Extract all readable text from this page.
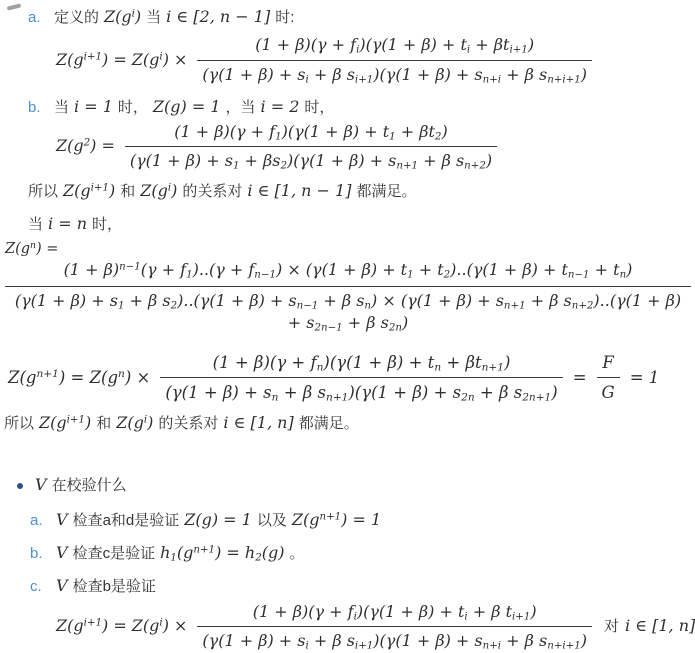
a. 定义的 $Z(g^i)$ 当 i ∈ [2, n − 1] 时:
$Z(g^{i+1}) = Z(g^i) \times \frac{(1 + \beta)(\gamma + f_i)(\gamma(1 + \beta) + t_i + \beta t_{i+1})}{(\gamma(1 + \beta) + s_i + \beta s_{i+1})(\gamma(1 + \beta) + s_{n+i} + \beta s_{n+i+1})}$
b. 当 i = 1 时， Z(g) = 1 ，当 i = 2 时，
$Z(g^2) = \frac{(1 + \beta)(\gamma + f_1)(\gamma(1 + \beta) + t_1 + \beta t_2)}{(\gamma(1 + \beta) + s_1 + \beta s_2)(\gamma(1 + \beta) + s_{n+1} + \beta s_{n+2})}$
所以 $Z(g^{i+1})$ 和 $Z(g^i)$ 的关系对 i ∈ [1, n − 1] 都满足。
当 i = n 时，
$Z(g^n)$ =
$(1 + \beta)^{n-1}(\gamma + f_1)..(\gamma + f_{n-1}) \times (\gamma(1 + \beta) + t_1 + t_2)..(\gamma(1 + \beta) + t_{n-1} + t_n)$
($\gamma(1 + \beta) + s_1 + \beta$ $s_2)..(\gamma(1 + \beta) + s_{n-1} + \beta$ $s_n) \times (\gamma(1 + \beta) + s_{n+1} + \beta$ $s_{n+2})..(\gamma(1 + \beta) + s_{2n-1} + \beta$ $s_{2n}$)
$Z(g^{n+1}) = Z(g^n) \times \frac{(1 + \beta)(\gamma + f_n)(\gamma(1 + \beta) + t_n + \beta t_{n+1})}{(\gamma(1 + \beta) + s_n + \beta s_{n+1})(\gamma(1 + \beta) + s_{2n} + \beta s_{2n+1})} = \frac{F}{G} = 1$
所以 $Z(g^{i+1})$ 和 $Z(g^i)$ 的关系对 i ∈ [1, n] 都满足。
V 在校验什么
a. V 检查a和d是验证 Z(g) = 1 以及 $Z(g^{n+1}) = 1$
b. V 检查c是验证 $h_1(g^{n+1}) = h_2(g)$ 。
c. V 检查b是验证
$Z(g^{i+1}) = Z(g^i) \times \frac{(1 + \beta)(\gamma + f_i)(\gamma(1 + \beta) + t_i + \beta t_{i+1})}{(\gamma(1 + \beta) + s_i + \beta s_{i+1})(\gamma(1 + \beta) + s_{n+i} + \beta s_{n+i+1})}$ 对 i ∈ [1, n]
